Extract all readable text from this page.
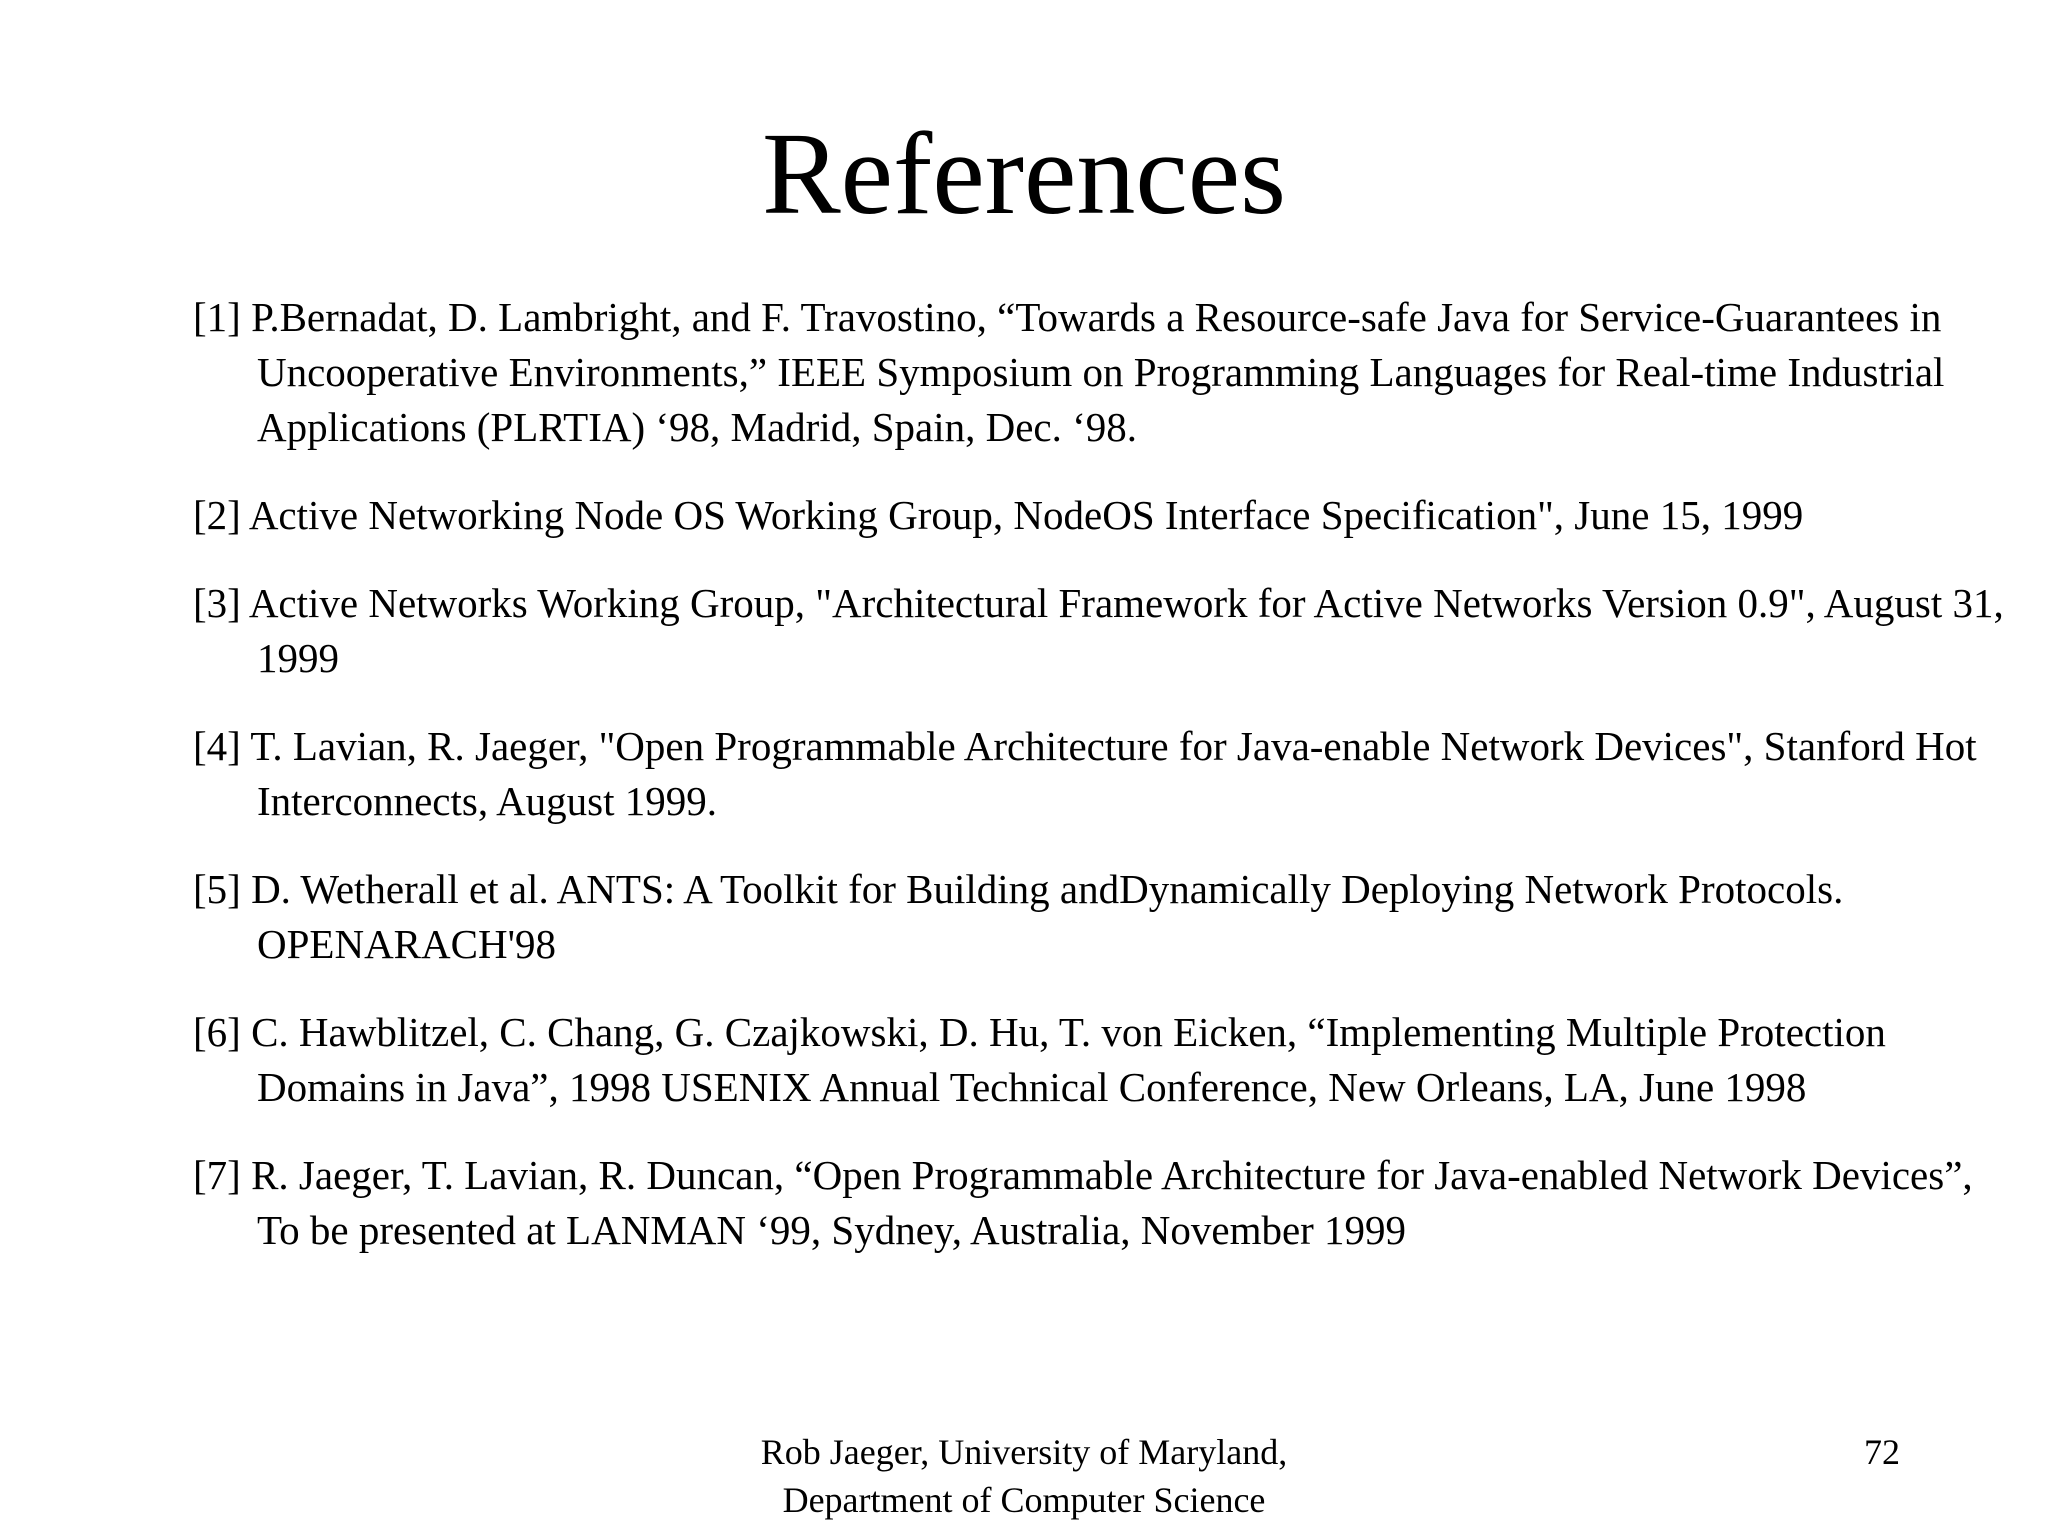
References
[1] P.Bernadat, D. Lambright, and F. Travostino, “Towards a Resource-safe Java for Service-Guarantees in Uncooperative Environments,” IEEE Symposium on Programming Languages for Real-time Industrial Applications (PLRTIA) ‘98, Madrid, Spain, Dec. ‘98.
[2] Active Networking Node OS Working Group, NodeOS Interface Specification", June 15, 1999
[3] Active Networks Working Group, "Architectural Framework for Active Networks Version 0.9", August 31, 1999
[4] T. Lavian, R. Jaeger, "Open Programmable Architecture for Java-enable Network Devices", Stanford Hot Interconnects, August 1999.
[5] D. Wetherall et al. ANTS: A Toolkit for Building andDynamically Deploying Network Protocols. OPENARACH'98
[6] C. Hawblitzel, C. Chang, G. Czajkowski, D. Hu, T. von Eicken, “Implementing Multiple Protection Domains in Java”, 1998 USENIX Annual Technical Conference, New Orleans, LA, June 1998
[7] R. Jaeger, T. Lavian, R. Duncan, “Open Programmable Architecture for Java-enabled Network Devices”, To be presented at LANMAN ‘99, Sydney, Australia, November 1999
Rob Jaeger, University of Maryland,
Department of Computer Science
72
